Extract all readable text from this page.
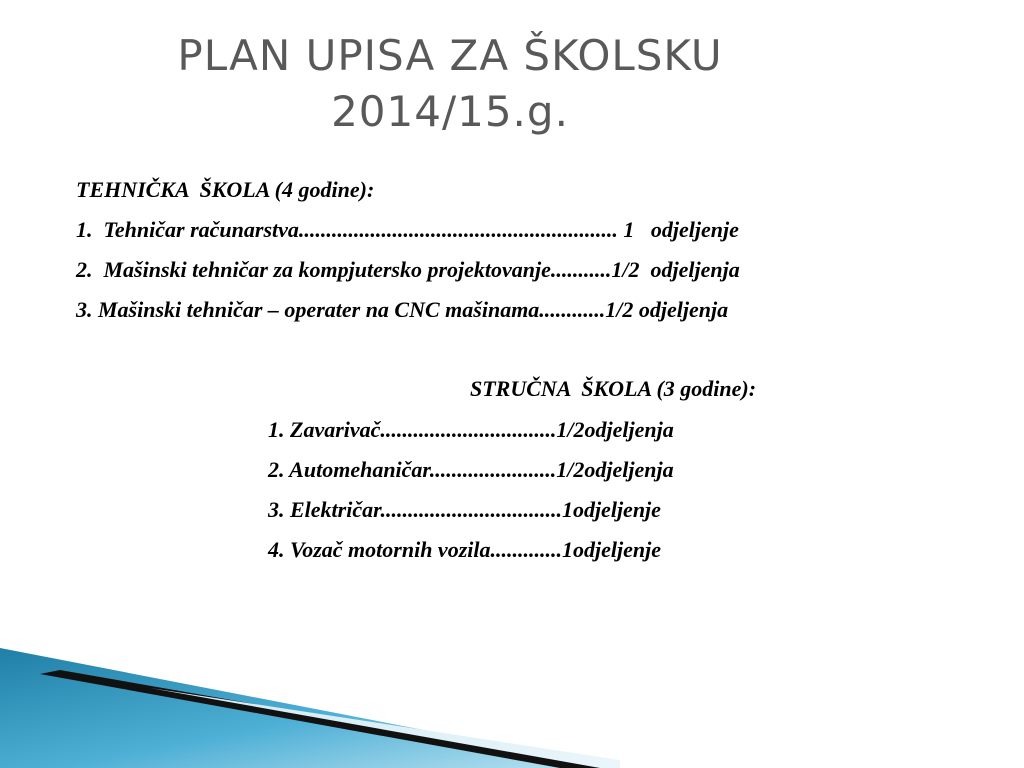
PLAN UPISA ZA ŠKOLSKU
2014/15.g.
TEHNIČKA  ŠKOLA (4 godine):
1.  Tehničar računarstva.......................................................... 1   odjeljenje
2.  Mašinski tehničar za kompjutersko projektovanje...........1/2  odjeljenja
3. Mašinski tehničar – operater na CNC mašinama............1/2 odjeljenja
STRUČNA  ŠKOLA (3 godine):
1. Zavarivač................................1/2odjeljenja
2. Automehaničar.......................1/2odjeljenja
3. Električar.................................1odjeljenje
4. Vozač motornih vozila.............1odjeljenje
